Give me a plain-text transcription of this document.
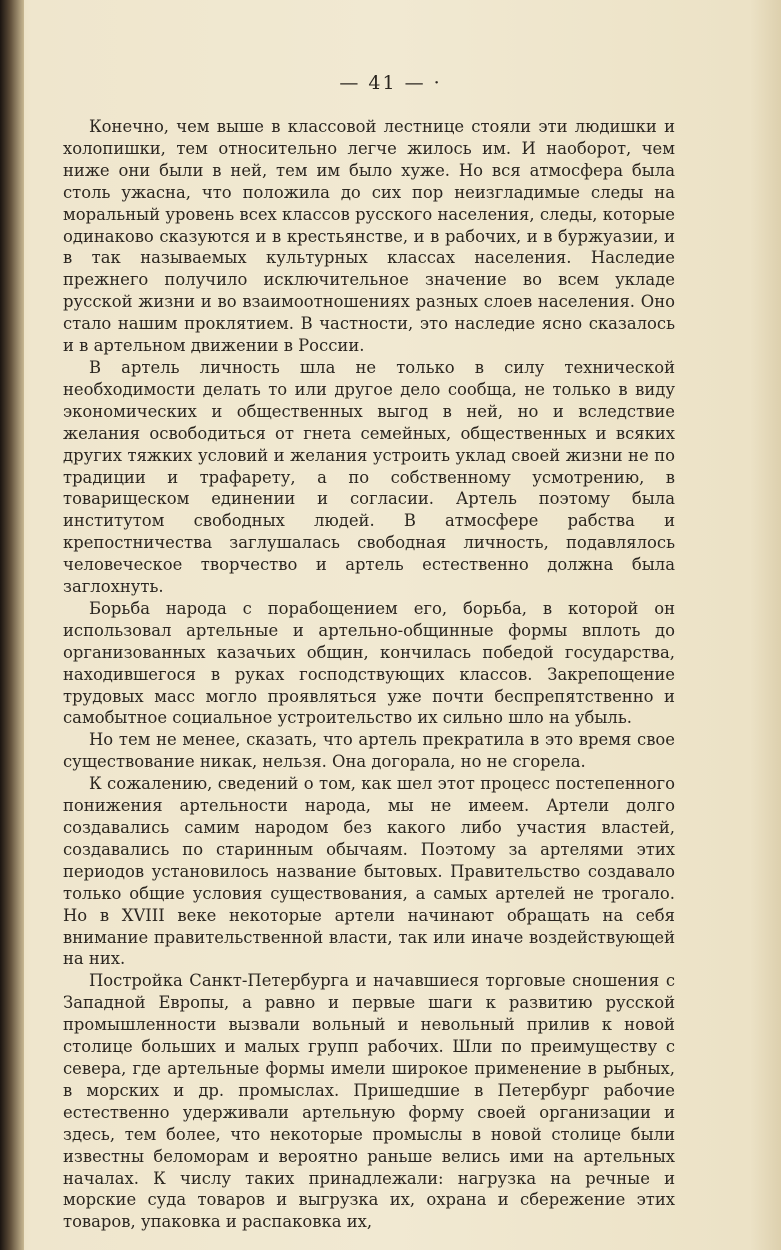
— 41 — ·

Конечно, чем выше в классовой лестнице стояли эти людишки и холопишки, тем относительно легче жилось им. И наоборот, чем ниже они были в ней, тем им было хуже. Но вся атмосфера была столь ужасна, что положила до сих пор неизгладимые следы на моральный уровень всех классов русского населения, следы, которые одинаково сказуются и в крестьянстве, и в рабочих, и в буржуазии, и в так называемых культурных классах населения. Наследие прежнего получило исключительное значение во всем укладе русской жизни и во взаимоотношениях разных слоев населения. Оно стало нашим проклятием. В частности, это наследие ясно сказалось и в артельном движении в России.

В артель личность шла не только в силу технической необходимости делать то или другое дело сообща, не только в виду экономических и общественных выгод в ней, но и вследствие желания освободиться от гнета семейных, общественных и всяких других тяжких условий и желания устроить уклад своей жизни не по традиции и трафарету, а по собственному усмотрению, в товарищеском единении и согласии. Артель поэтому была институтом свободных людей. В атмосфере рабства и крепостничества заглушалась свободная личность, подавлялось человеческое творчество и артель естественно должна была заглохнуть.

Борьба народа с порабощением его, борьба, в которой он использовал артельные и артельно-общинные формы вплоть до организованных казачьих общин, кончилась победой государства, находившегося в руках господствующих классов. Закрепощение трудовых масс могло проявляться уже почти беспрепятственно и самобытное социальное устроительство их сильно шло на убыль.

Но тем не менее, сказать, что артель прекратила в это время свое существование никак, нельзя. Она догорала, но не сгорела.

К сожалению, сведений о том, как шел этот процесс постепенного понижения артельности народа, мы не имеем. Артели долго создавались самим народом без какого либо участия властей, создавались по старинным обычаям. Поэтому за артелями этих периодов установилось название бытовых. Правительство создавало только общие условия существования, а самых артелей не трогало. Но в XVIII веке некоторые артели начинают обращать на себя внимание правительственной власти, так или иначе воздействующей на них.

Постройка Санкт-Петербурга и начавшиеся торговые сношения с Западной Европы, а равно и первые шаги к развитию русской промышленности вызвали вольный и невольный прилив к новой столице больших и малых групп рабочих. Шли по преимуществу с севера, где артельные формы имели широкое применение в рыбных, в морских и др. промыслах. Пришедшие в Петербург рабочие естественно удерживали артельную форму своей организации и здесь, тем более, что некоторые промыслы в новой столице были известны беломорам и вероятно раньше велись ими на артельных началах. К числу таких принадлежали: нагрузка на речные и морские суда товаров и выгрузка их, охрана и сбережение этих товаров, упаковка и распаковка их,
